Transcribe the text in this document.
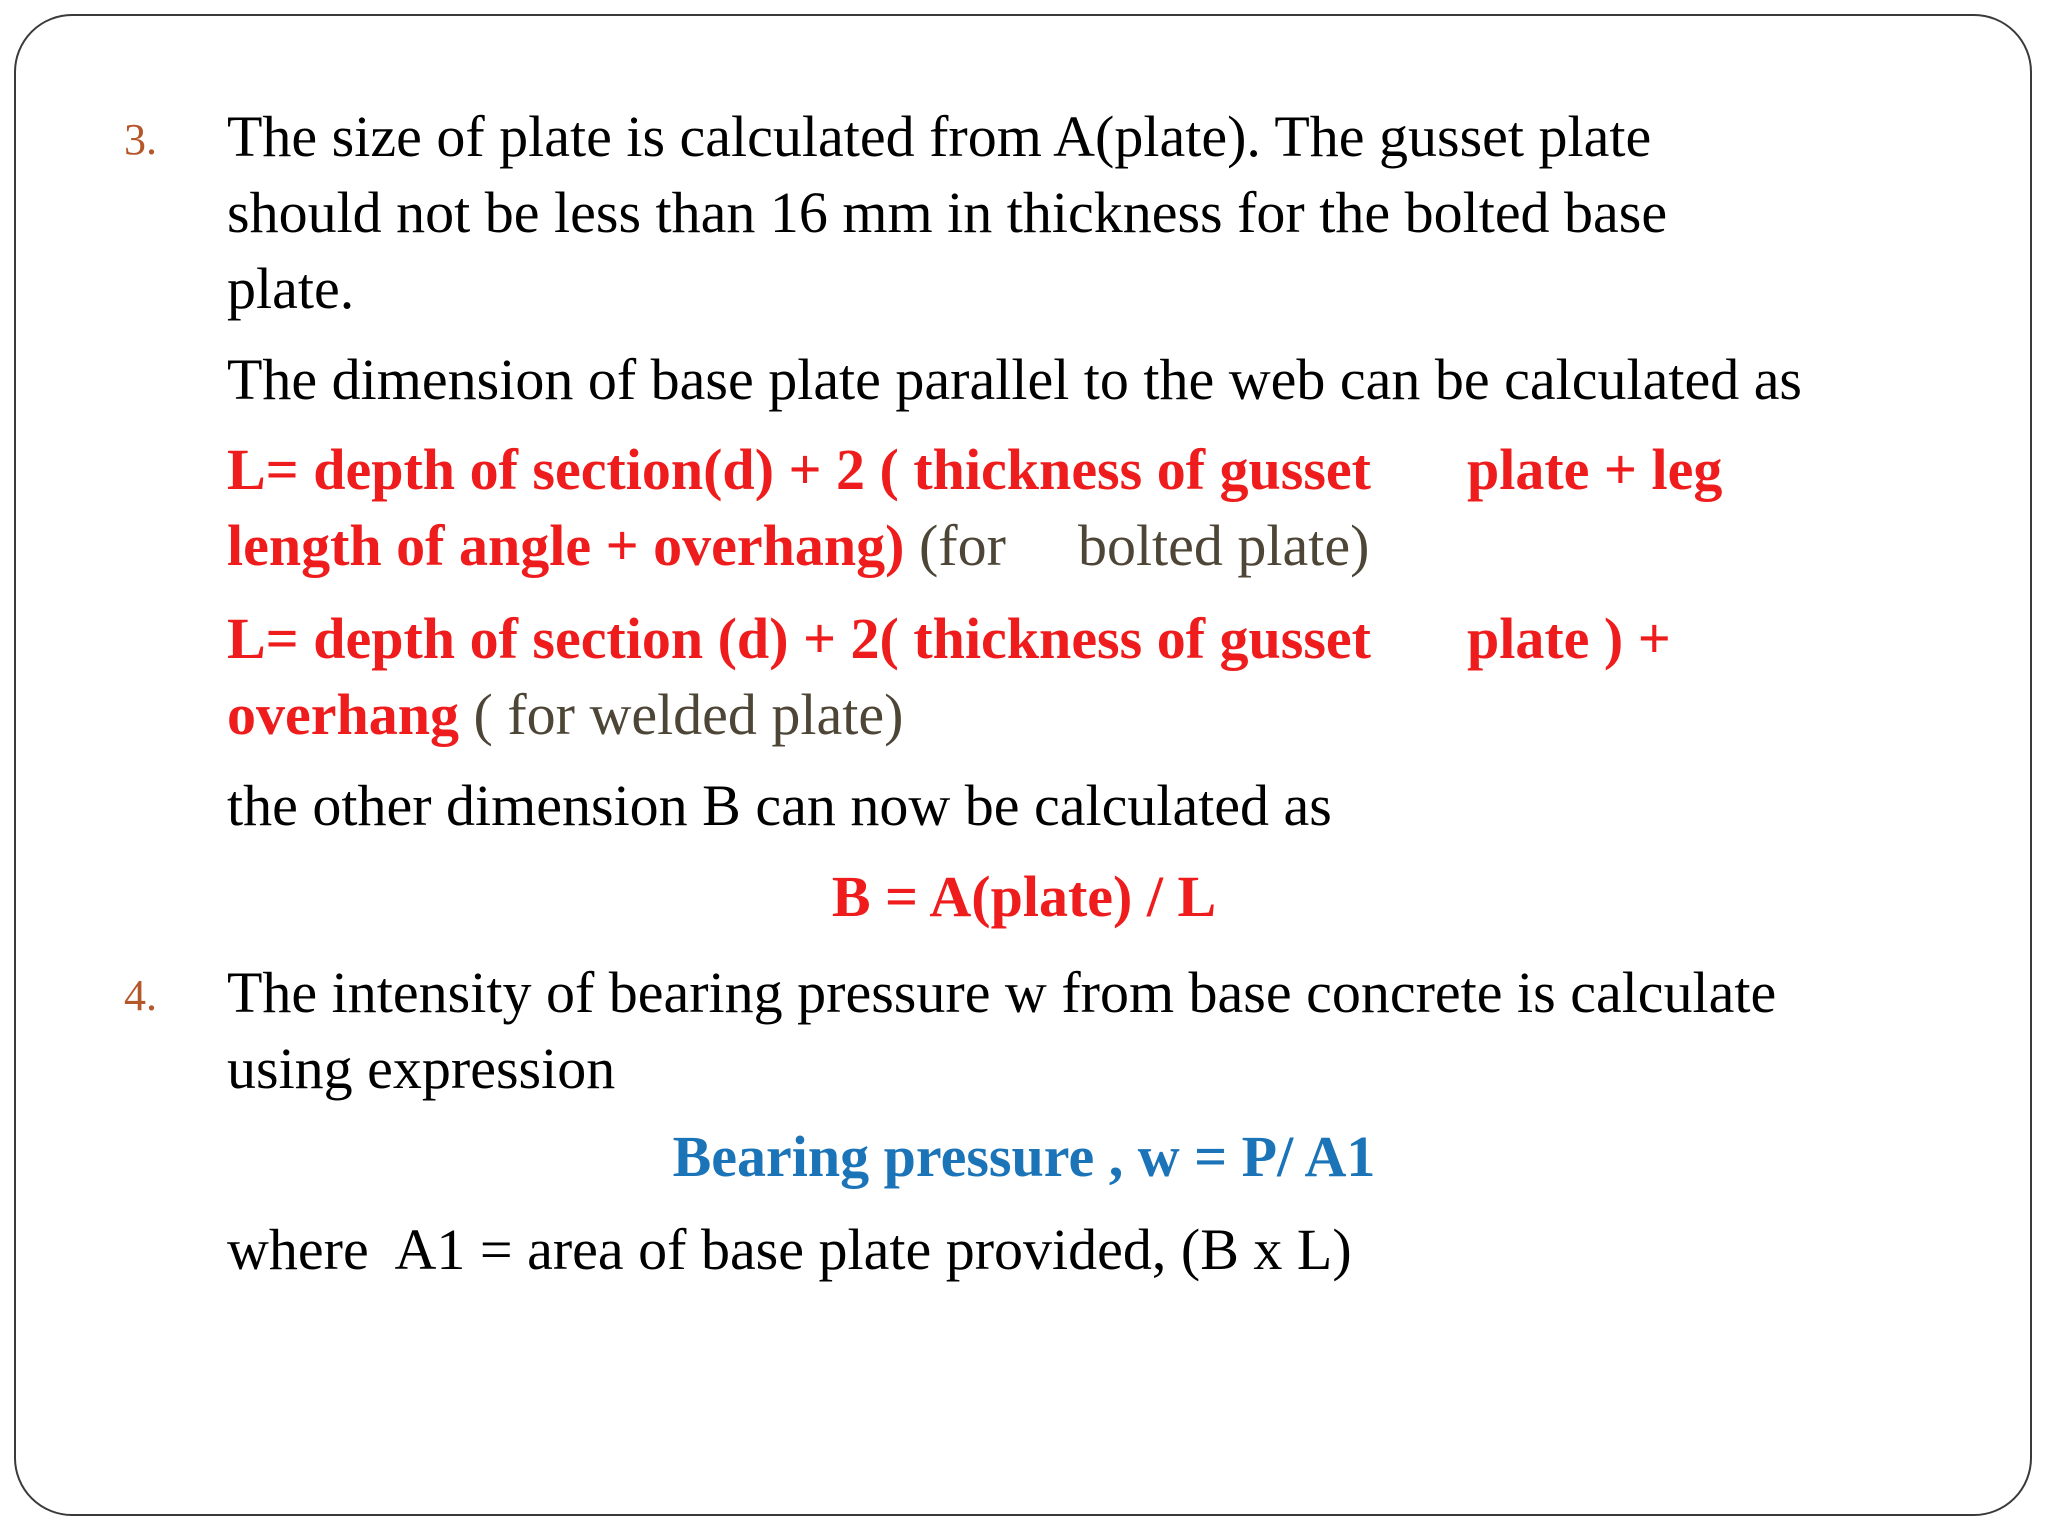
3. The size of plate is calculated from A(plate). The gusset plate
should not be less than 16 mm in thickness for the bolted base
plate.
The dimension of base plate parallel to the web can be calculated as
L= depth of section(d) + 2 ( thickness of gusset plate + leg
length of angle + overhang) (for bolted plate)
L= depth of section (d) + 2( thickness of gusset plate ) +
overhang ( for welded plate)
the other dimension B can now be calculated as
B = A(plate) / L
4. The intensity of bearing pressure w from base concrete is calculate
using expression
Bearing pressure , w = P/ A1
where  A1 = area of base plate provided, (B x L)
